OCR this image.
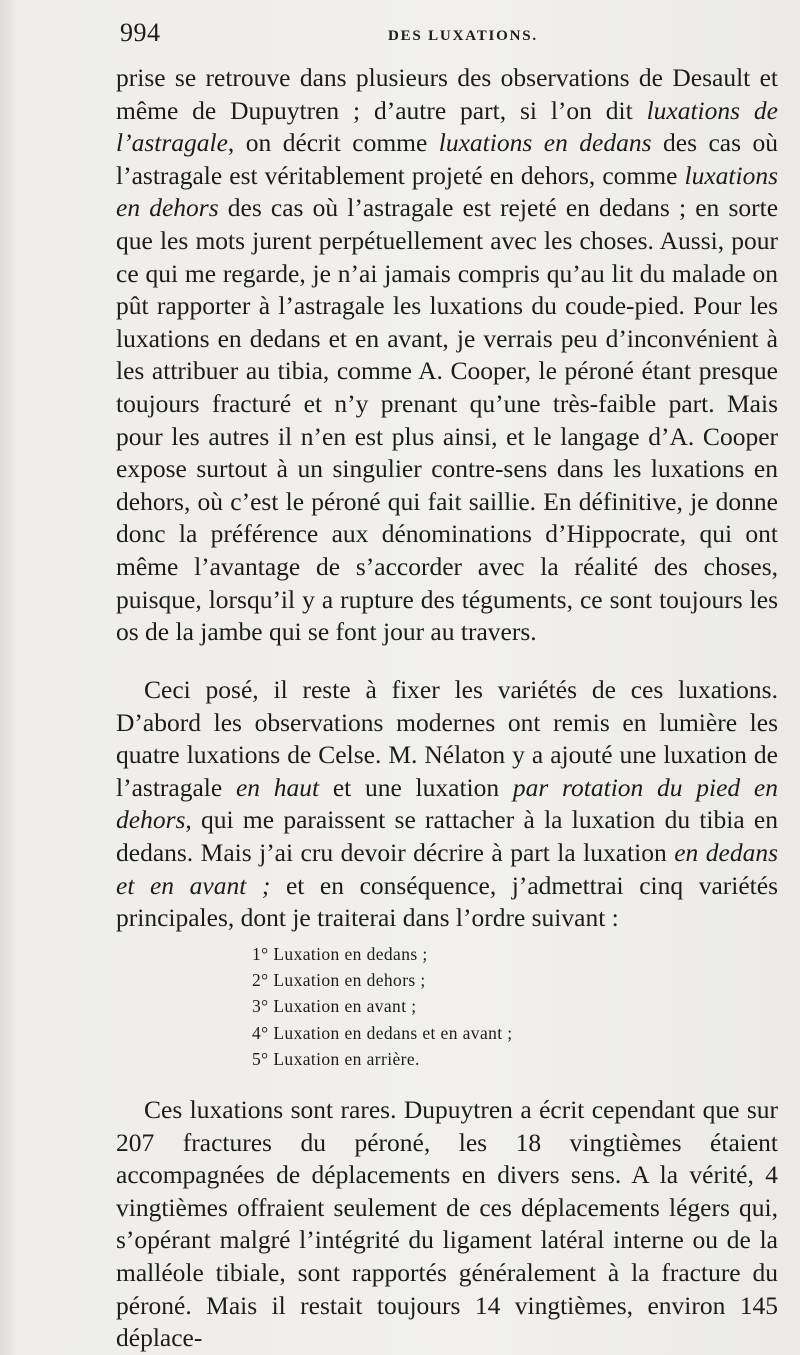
994	DES LUXATIONS.

prise se retrouve dans plusieurs des observations de Desault et même de Dupuytren ; d’autre part, si l’on dit luxations de l’astragale, on décrit comme luxations en dedans des cas où l’astragale est véritablement projeté en dehors, comme luxations en dehors des cas où l’astragale est rejeté en dedans ; en sorte que les mots jurent perpétuellement avec les choses. Aussi, pour ce qui me regarde, je n’ai jamais compris qu’au lit du malade on pût rapporter à l’astragale les luxations du coude-pied. Pour les luxations en dedans et en avant, je verrais peu d’inconvénient à les attribuer au tibia, comme A. Cooper, le péroné étant presque toujours fracturé et n’y prenant qu’une très-faible part. Mais pour les autres il n’en est plus ainsi, et le langage d’A. Cooper expose surtout à un singulier contre-sens dans les luxations en dehors, où c’est le péroné qui fait saillie. En définitive, je donne donc la préférence aux dénominations d’Hippocrate, qui ont même l’avantage de s’accorder avec la réalité des choses, puisque, lorsqu’il y a rupture des téguments, ce sont toujours les os de la jambe qui se font jour au travers.

Ceci posé, il reste à fixer les variétés de ces luxations. D’abord les observations modernes ont remis en lumière les quatre luxations de Celse. M. Nélaton y a ajouté une luxation de l’astragale en haut et une luxation par rotation du pied en dehors, qui me paraissent se rattacher à la luxation du tibia en dedans. Mais j’ai cru devoir décrire à part la luxation en dedans et en avant ; et en conséquence, j’admettrai cinq variétés principales, dont je traiterai dans l’ordre suivant :

1° Luxation en dedans ;
2° Luxation en dehors ;
3° Luxation en avant ;
4° Luxation en dedans et en avant ;
5° Luxation en arrière.

Ces luxations sont rares. Dupuytren a écrit cependant que sur 207 fractures du péroné, les 18 vingtièmes étaient accompagnées de déplacements en divers sens. A la vérité, 4 vingtièmes offraient seulement de ces déplacements légers qui, s’opérant malgré l’intégrité du ligament latéral interne ou de la malléole tibiale, sont rapportés généralement à la fracture du péroné. Mais il restait toujours 14 vingtièmes, environ 145 déplace-
